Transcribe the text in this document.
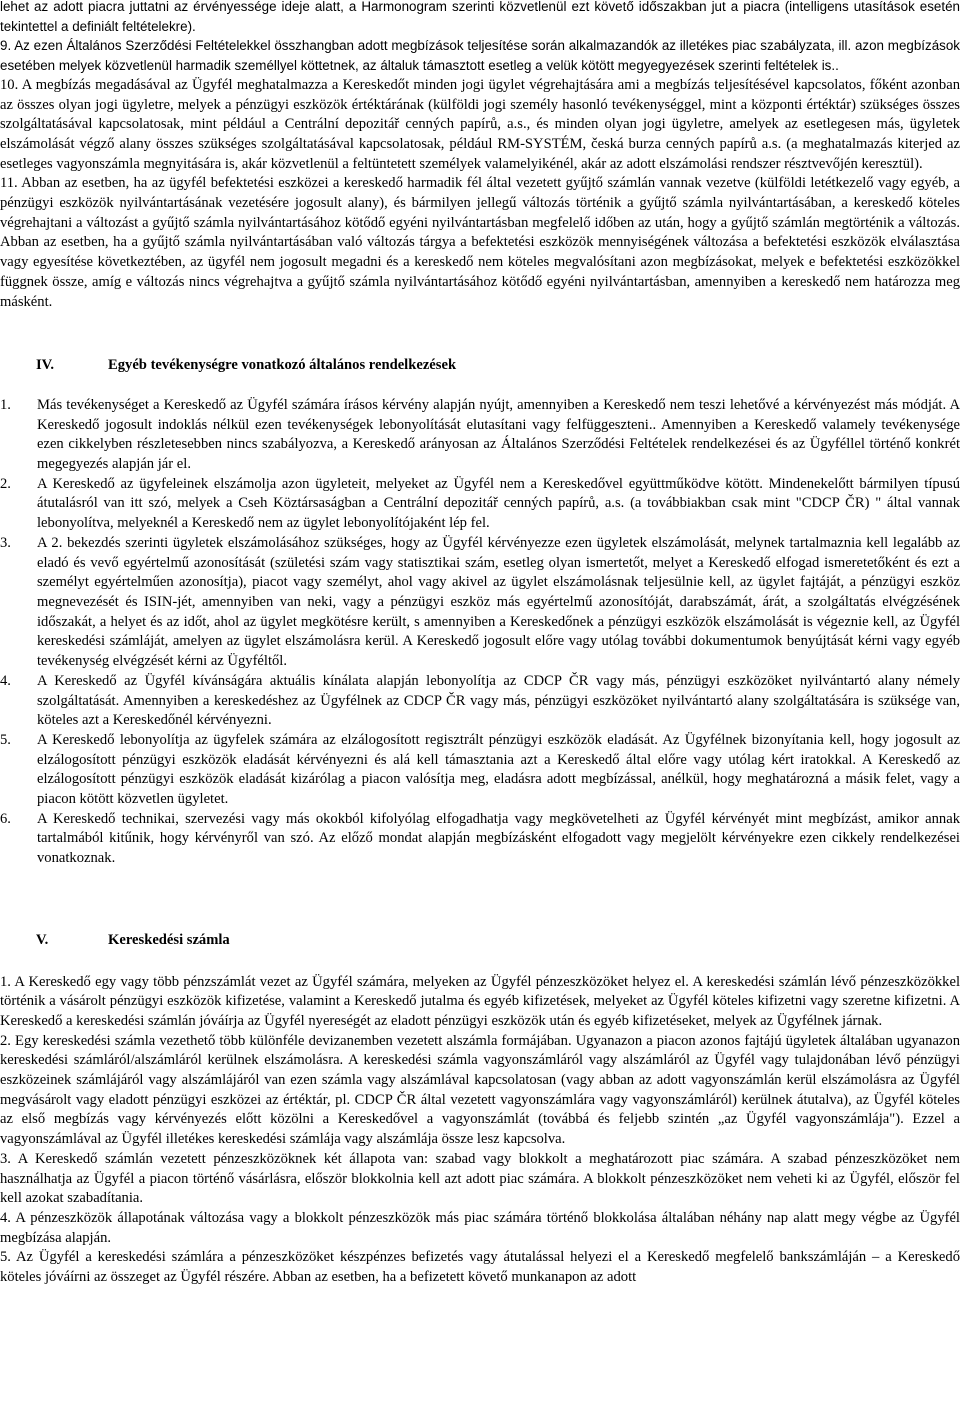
lehet az adott piacra juttatni az érvényessége ideje alatt, a Harmonogram szerinti közvetlenül ezt követő időszakban jut a piacra (intelligens utasítások esetén tekintettel a definiált feltételekre).

9. Az ezen Általános Szerződési Feltételekkel összhangban adott megbízások teljesítése során alkalmazandók az illetékes piac szabályzata, ill. azon megbízások esetében melyek közvetlenül harmadik személlyel köttetnek, az általuk támasztott esetleg a velük kötött megyegyezések szerinti feltételek is..

10. A megbízás megadásával az Ügyfél meghatalmazza a Kereskedőt minden jogi ügylet végrehajtására ami a megbízás teljesítésével kapcsolatos, főként azonban az összes olyan jogi ügyletre, melyek a pénzügyi eszközök értéktárának (külföldi jogi személy hasonló tevékenységgel, mint a központi értéktár) szükséges összes szolgáltatásával kapcsolatosak, mint például a Centrální depozitář cenných papírů, a.s., és minden olyan jogi ügyletre, amelyek az esetlegesen más, ügyletek elszámolását végző alany összes szükséges szolgáltatásával kapcsolatosak, például RM-SYSTÉM, česká burza cenných papírů a.s. (a meghatalmazás kiterjed az esetleges vagyonszámla megnyitására is, akár közvetlenül a feltüntetett személyek valamelyikénél, akár az adott elszámolási rendszer résztvevőjén keresztül).

11. Abban az esetben, ha az ügyfél befektetési eszközei a kereskedő harmadik fél által vezetett gyűjtő számlán vannak vezetve (külföldi letétkezelő vagy egyéb, a pénzügyi eszközök nyilvántartásának vezetésére jogosult alany), és bármilyen jellegű változás történik a gyűjtő számla nyilvántartásában, a kereskedő köteles végrehajtani a változást a gyűjtő számla nyilvántartásához kötődő egyéni nyilvántartásban megfelelő időben az után, hogy a gyűjtő számlán megtörténik a változás. Abban az esetben, ha a gyűjtő számla nyilvántartásában való változás tárgya a befektetési eszközök mennyiségének változása a befektetési eszközök elválasztása vagy egyesítése következtében, az ügyfél nem jogosult megadni és a kereskedő nem köteles megvalósítani azon megbízásokat, melyek e befektetési eszközökkel függnek össze, amíg e változás nincs végrehajtva a gyűjtő számla nyilvántartásához kötődő egyéni nyilvántartásban, amennyiben a kereskedő nem határozza meg másként.

IV.	Egyéb tevékenységre vonatkozó általános rendelkezések
1.	Más tevékenységet a Kereskedő az Ügyfél számára írásos kérvény alapján nyújt, amennyiben a Kereskedő nem teszi lehetővé a kérvényezést más módját. A Kereskedő jogosult indoklás nélkül ezen tevékenységek lebonyolítását elutasítani vagy felfüggeszteni.. Amennyiben a Kereskedő valamely tevékenysége ezen cikkelyben részletesebben nincs szabályozva, a Kereskedő arányosan az Általános Szerződési Feltételek rendelkezései és az Ügyféllel történő konkrét megegyezés alapján jár el.
2.	A Kereskedő az ügyfeleinek elszámolja azon ügyleteit, melyeket az Ügyfél nem a Kereskedővel együttműködve kötött. Mindenekelőtt bármilyen típusú átutalásról van itt szó, melyek a Cseh Köztársaságban a Centrální depozitář cenných papírů, a.s. (a továbbiakban csak mint "CDCP ČR) " által vannak lebonyolítva, melyeknél a Kereskedő nem az ügylet lebonyolítójaként lép fel.
3.	A 2. bekezdés szerinti ügyletek elszámolásához szükséges, hogy az Ügyfél kérvényezze ezen ügyletek elszámolását, melynek tartalmaznia kell legalább az eladó és vevő egyértelmű azonosítását (születési szám vagy statisztikai szám, esetleg olyan ismertetőt, melyet a Kereskedő elfogad ismeretetőként és ezt a személyt egyértelműen azonosítja), piacot vagy személyt, ahol vagy akivel az ügylet elszámolásnak teljesülnie kell, az ügylet fajtáját, a pénzügyi eszköz megnevezését és ISIN-jét, amennyiben van neki, vagy a pénzügyi eszköz más egyértelmű azonosítóját, darabszámát, árát, a szolgáltatás elvégzésének időszakát, a helyet és az időt, ahol az ügylet megkötésre került, s amennyiben a Kereskedőnek a pénzügyi eszközök elszámolását is végeznie kell, az Ügyfél kereskedési számláját, amelyen az ügylet elszámolásra kerül. A Kereskedő jogosult előre vagy utólag további dokumentumok benyújtását kérni vagy egyéb tevékenység elvégzését kérni az Ügyféltől.
4.	A Kereskedő az Ügyfél kívánságára aktuális kínálata alapján lebonyolítja az CDCP ČR vagy más, pénzügyi eszközöket nyilvántartó alany némely szolgáltatását. Amennyiben a kereskedéshez az Ügyfélnek az CDCP ČR vagy más, pénzügyi eszközöket nyilvántartó alany szolgáltatására is szüksége van, köteles azt a Kereskedőnél kérvényezni.
5.	A Kereskedő lebonyolítja az ügyfelek számára az elzálogosított regisztrált pénzügyi eszközök eladását. Az Ügyfélnek bizonyítania kell, hogy jogosult az elzálogosított pénzügyi eszközök eladását kérvényezni és alá kell támasztania azt a Kereskedő által előre vagy utólag kért iratokkal. A Kereskedő az elzálogosított pénzügyi eszközök eladását kizárólag a piacon valósítja meg, eladásra adott megbízással, anélkül, hogy meghatározná a másik felet, vagy a piacon kötött közvetlen ügyletet.
6.	A Kereskedő technikai, szervezési vagy más okokból kifolyólag elfogadhatja vagy megkövetelheti az Ügyfél kérvényét mint megbízást, amikor annak tartalmából kitűnik, hogy kérvényről van szó. Az előző mondat alapján megbízásként elfogadott vagy megjelölt kérvényekre ezen cikkely rendelkezései vonatkoznak.
V.	Kereskedési számla

1. A Kereskedő egy vagy több pénzszámlát vezet az Ügyfél számára, melyeken az Ügyfél pénzeszközöket helyez el. A kereskedési számlán lévő pénzeszközökkel történik a vásárolt pénzügyi eszközök kifizetése, valamint a Kereskedő jutalma és egyéb kifizetések, melyeket az Ügyfél köteles kifizetni vagy szeretne kifizetni. A Kereskedő a kereskedési számlán jóváírja az Ügyfél nyereségét az eladott pénzügyi eszközök után és egyéb kifizetéseket, melyek az Ügyfélnek járnak.

2. Egy kereskedési számla vezethető több különféle devizanemben vezetett alszámla formájában. Ugyanazon a piacon azonos fajtájú ügyletek általában ugyanazon kereskedési számláról/alszámláról kerülnek elszámolásra. A kereskedési számla vagyonszámláról vagy alszámláról az Ügyfél vagy tulajdonában lévő pénzügyi eszközeinek számlájáról vagy alszámlájáról van ezen számla vagy alszámlával kapcsolatosan (vagy abban az adott vagyonszámlán kerül elszámolásra az Ügyfél megvásárolt vagy eladott pénzügyi eszközei az értéktár, pl. CDCP ČR által vezetett vagyonszámlára vagy vagyonszámláról) kerülnek átutalva), az Ügyfél köteles az első megbízás vagy kérvényezés előtt közölni a Kereskedővel a vagyonszámlát (továbbá és feljebb szintén „az Ügyfél vagyonszámlája"). Ezzel a vagyonszámlával az Ügyfél illetékes kereskedési számlája vagy alszámlája össze lesz kapcsolva.

3. A Kereskedő számlán vezetett pénzeszközöknek két állapota van: szabad vagy blokkolt a meghatározott piac számára. A szabad pénzeszközöket nem használhatja az Ügyfél a piacon történő vásárlásra, először blokkolnia kell azt adott piac számára. A blokkolt pénzeszközöket nem veheti ki az Ügyfél, először fel kell azokat szabadítania.

4. A pénzeszközök állapotának változása vagy a blokkolt pénzeszközök más piac számára történő blokkolása általában néhány nap alatt megy végbe az Ügyfél megbízása alapján.

5. Az Ügyfél a kereskedési számlára a pénzeszközöket készpénzes befizetés vagy átutalással helyezi el a Kereskedő megfelelő bankszámláján – a Kereskedő köteles jóváírni az összeget az Ügyfél részére. Abban az esetben, ha a befizetett követő munkanapon az adott
